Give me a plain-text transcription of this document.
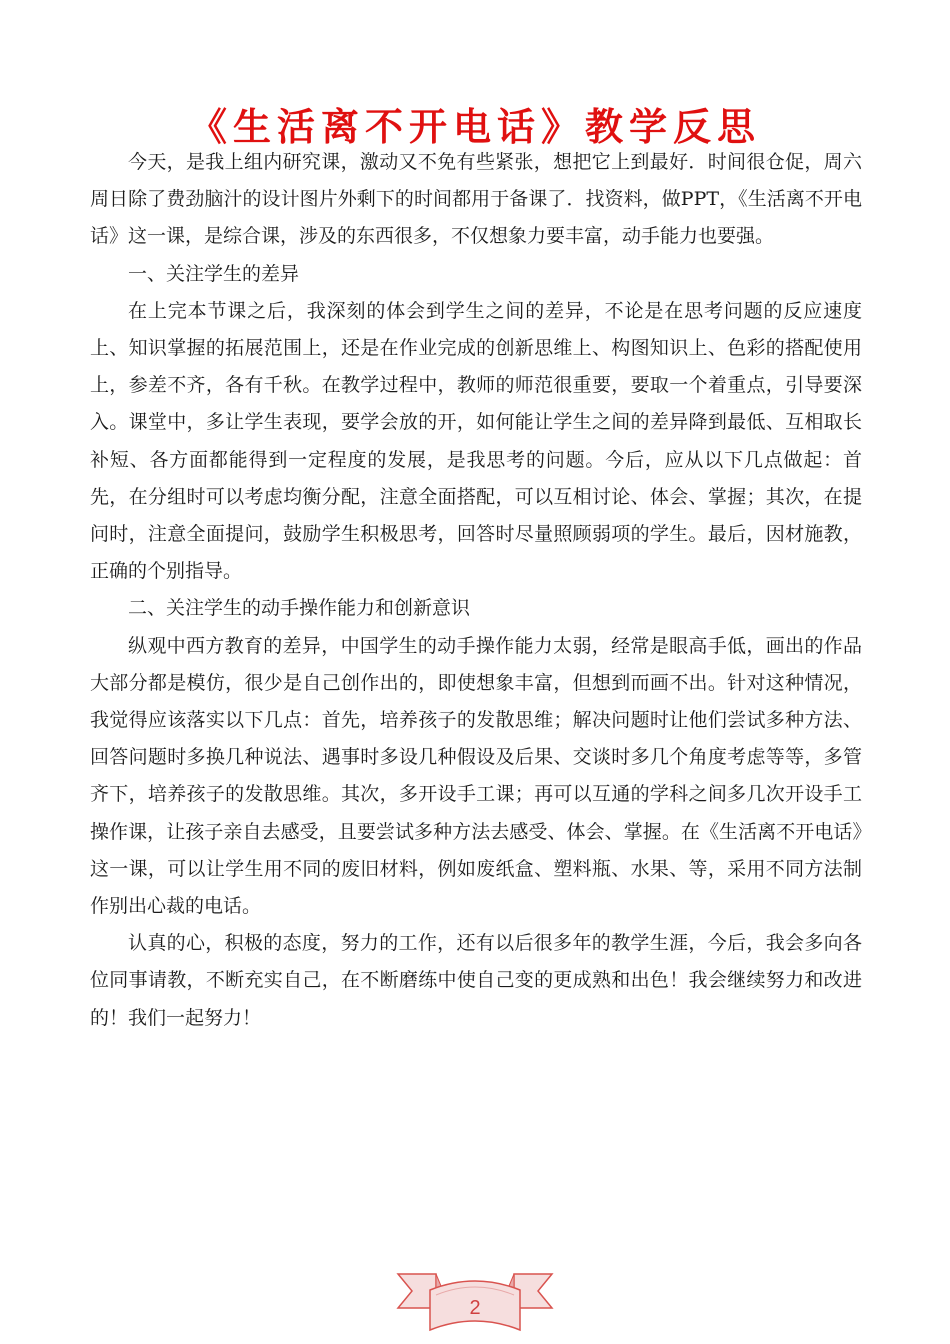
《生活离不开电话》教学反思

今天，是我上组内研究课，激动又不免有些紧张，想把它上到最好．时间很仓促，周六周日除了费劲脑汁的设计图片外剩下的时间都用于备课了．找资料，做PPT，《生活离不开电话》这一课，是综合课，涉及的东西很多，不仅想象力要丰富，动手能力也要强。

一、关注学生的差异

在上完本节课之后，我深刻的体会到学生之间的差异，不论是在思考问题的反应速度上、知识掌握的拓展范围上，还是在作业完成的创新思维上、构图知识上、色彩的搭配使用上，参差不齐，各有千秋。在教学过程中，教师的师范很重要，要取一个着重点，引导要深入。课堂中，多让学生表现，要学会放的开，如何能让学生之间的差异降到最低、互相取长补短、各方面都能得到一定程度的发展，是我思考的问题。今后，应从以下几点做起：首先，在分组时可以考虑均衡分配，注意全面搭配，可以互相讨论、体会、掌握；其次，在提问时，注意全面提问，鼓励学生积极思考，回答时尽量照顾弱项的学生。最后，因材施教，正确的个别指导。

二、关注学生的动手操作能力和创新意识

纵观中西方教育的差异，中国学生的动手操作能力太弱，经常是眼高手低，画出的作品大部分都是模仿，很少是自己创作出的，即使想象丰富，但想到而画不出。针对这种情况，我觉得应该落实以下几点：首先，培养孩子的发散思维；解决问题时让他们尝试多种方法、回答问题时多换几种说法、遇事时多设几种假设及后果、交谈时多几个角度考虑等等，多管齐下，培养孩子的发散思维。其次，多开设手工课；再可以互通的学科之间多几次开设手工操作课，让孩子亲自去感受，且要尝试多种方法去感受、体会、掌握。在《生活离不开电话》这一课，可以让学生用不同的废旧材料，例如废纸盒、塑料瓶、水果、等，采用不同方法制作别出心裁的电话。

认真的心，积极的态度，努力的工作，还有以后很多年的教学生涯，今后，我会多向各位同事请教，不断充实自己，在不断磨练中使自己变的更成熟和出色！我会继续努力和改进的！我们一起努力！

2
